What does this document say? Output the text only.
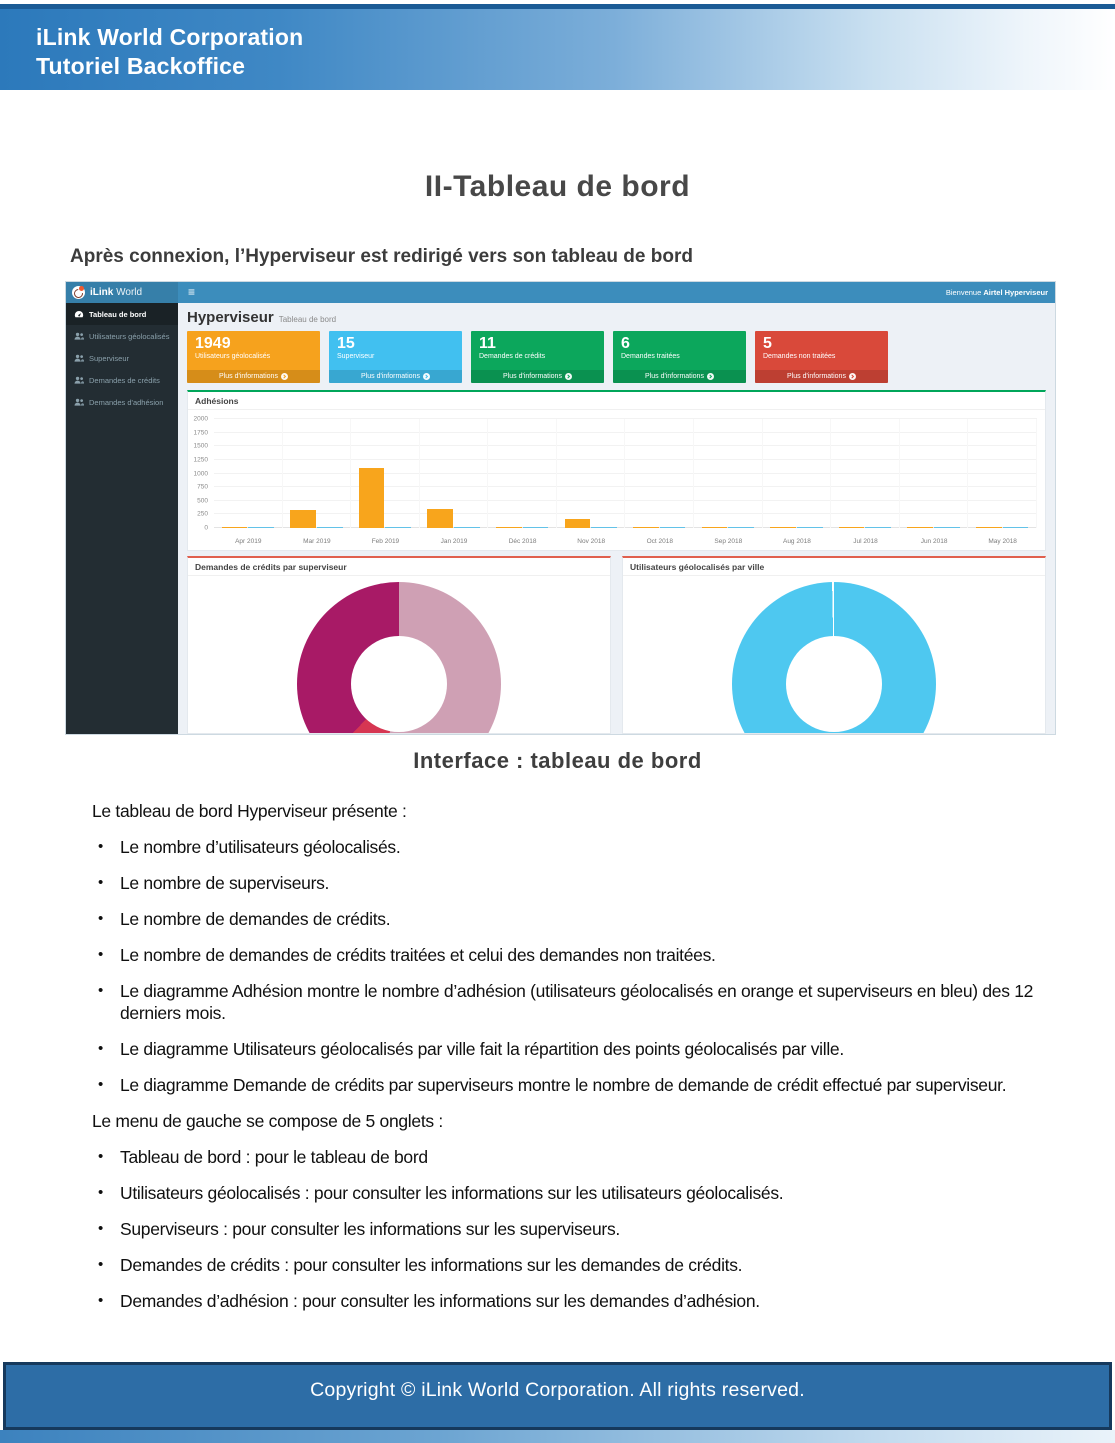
iLink World Corporation
Tutoriel Backoffice
II-Tableau de bord
Après connexion, l’Hyperviseur est redirigé vers son tableau de bord
iLink World	≡	Bienvenue Airtel Hyperviseur
Tableau de bord
Utilisateurs géolocalisés
Superviseur
Demandes de crédits
Demandes d'adhésion
Hyperviseur Tableau de bord
1949
Utilisateurs géolocalisés
Plus d'informations
15
Superviseur
Plus d'informations
11
Demandes de crédits
Plus d'informations
6
Demandes traitées
Plus d'informations
5
Demandes non traitées
Plus d'informations
Adhésions
0
250
500
750
1000
1250
1500
1750
2000
Apr 2019	Mar 2019	Feb 2019	Jan 2019	Déc 2018	Nov 2018	Oct 2018	Sep 2018	Aug 2018	Jul 2018	Jun 2018	May 2018
Demandes de crédits par superviseur	Utilisateurs géolocalisés par ville
Interface : tableau de bord

Le tableau de bord Hyperviseur présente :

• Le nombre d’utilisateurs géolocalisés.
• Le nombre de superviseurs.
• Le nombre de demandes de crédits.
• Le nombre de demandes de crédits traitées et celui des demandes non traitées.
• Le diagramme Adhésion montre le nombre d’adhésion (utilisateurs géolocalisés en orange et superviseurs en bleu) des 12 derniers mois.
• Le diagramme Utilisateurs géolocalisés par ville fait la répartition des points géolocalisés par ville.
• Le diagramme Demande de crédits par superviseurs montre le nombre de demande de crédit effectué par superviseur.

Le menu de gauche se compose de 5 onglets :

• Tableau de bord : pour le tableau de bord
• Utilisateurs géolocalisés : pour consulter les informations sur les utilisateurs géolocalisés.
• Superviseurs : pour consulter les informations sur les superviseurs.
• Demandes de crédits : pour consulter les informations sur les demandes de crédits.
• Demandes d’adhésion : pour consulter les informations sur les demandes d’adhésion.
Copyright © iLink World Corporation. All rights reserved.
